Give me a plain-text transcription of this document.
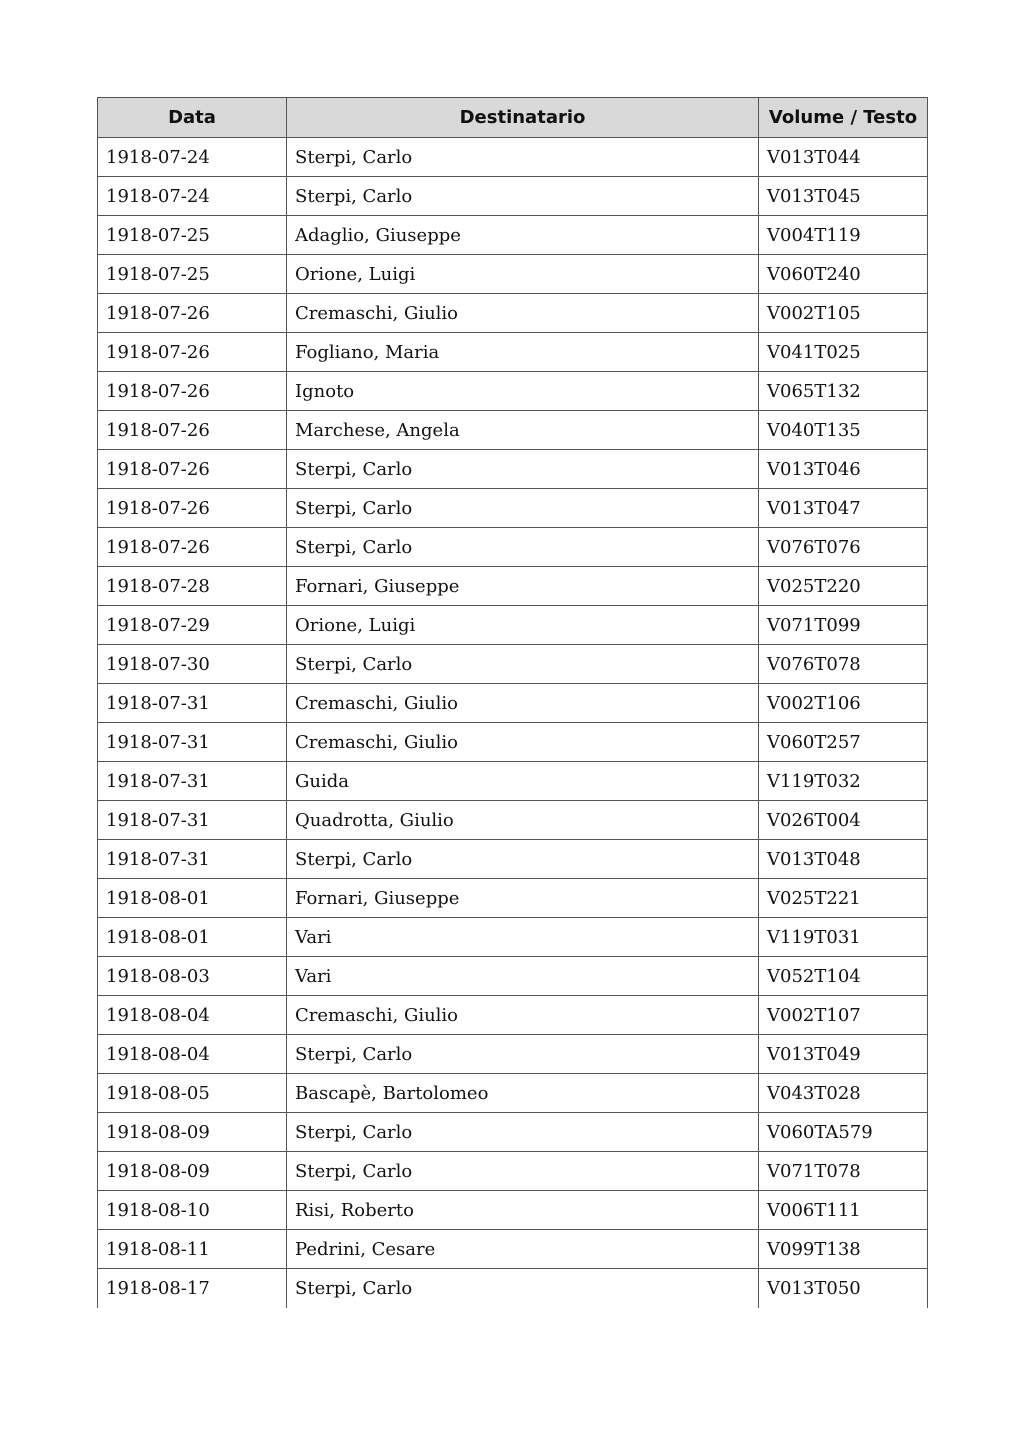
Data	Destinatario	Volume / Testo
1918-07-24	Sterpi, Carlo	V013T044
1918-07-24	Sterpi, Carlo	V013T045
1918-07-25	Adaglio, Giuseppe	V004T119
1918-07-25	Orione, Luigi	V060T240
1918-07-26	Cremaschi, Giulio	V002T105
1918-07-26	Fogliano, Maria	V041T025
1918-07-26	Ignoto	V065T132
1918-07-26	Marchese, Angela	V040T135
1918-07-26	Sterpi, Carlo	V013T046
1918-07-26	Sterpi, Carlo	V013T047
1918-07-26	Sterpi, Carlo	V076T076
1918-07-28	Fornari, Giuseppe	V025T220
1918-07-29	Orione, Luigi	V071T099
1918-07-30	Sterpi, Carlo	V076T078
1918-07-31	Cremaschi, Giulio	V002T106
1918-07-31	Cremaschi, Giulio	V060T257
1918-07-31	Guida	V119T032
1918-07-31	Quadrotta, Giulio	V026T004
1918-07-31	Sterpi, Carlo	V013T048
1918-08-01	Fornari, Giuseppe	V025T221
1918-08-01	Vari	V119T031
1918-08-03	Vari	V052T104
1918-08-04	Cremaschi, Giulio	V002T107
1918-08-04	Sterpi, Carlo	V013T049
1918-08-05	Bascapè, Bartolomeo	V043T028
1918-08-09	Sterpi, Carlo	V060TA579
1918-08-09	Sterpi, Carlo	V071T078
1918-08-10	Risi, Roberto	V006T111
1918-08-11	Pedrini, Cesare	V099T138
1918-08-17	Sterpi, Carlo	V013T050
